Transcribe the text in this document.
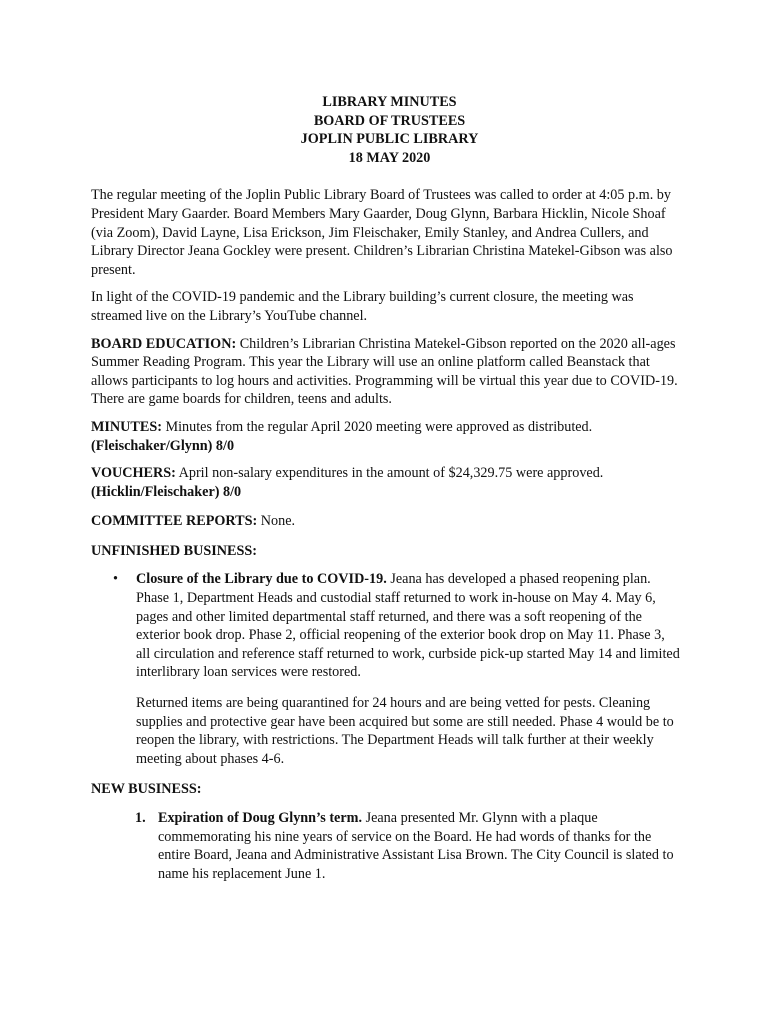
LIBRARY MINUTES
BOARD OF TRUSTEES
JOPLIN PUBLIC LIBRARY
18 MAY 2020

The regular meeting of the Joplin Public Library Board of Trustees was called to order at 4:05 p.m. by President Mary Gaarder. Board Members Mary Gaarder, Doug Glynn, Barbara Hicklin, Nicole Shoaf (via Zoom), David Layne, Lisa Erickson, Jim Fleischaker, Emily Stanley, and Andrea Cullers, and Library Director Jeana Gockley were present. Children’s Librarian Christina Matekel-Gibson was also present.

In light of the COVID-19 pandemic and the Library building’s current closure, the meeting was streamed live on the Library’s YouTube channel.

BOARD EDUCATION: Children’s Librarian Christina Matekel-Gibson reported on the 2020 all-ages Summer Reading Program. This year the Library will use an online platform called Beanstack that allows participants to log hours and activities. Programming will be virtual this year due to COVID-19. There are game boards for children, teens and adults.

MINUTES: Minutes from the regular April 2020 meeting were approved as distributed.
(Fleischaker/Glynn) 8/0

VOUCHERS: April non-salary expenditures in the amount of $24,329.75 were approved.
(Hicklin/Fleischaker) 8/0

COMMITTEE REPORTS: None.

UNFINISHED BUSINESS:
• Closure of the Library due to COVID-19. Jeana has developed a phased reopening plan. Phase 1, Department Heads and custodial staff returned to work in-house on May 4. May 6, pages and other limited departmental staff returned, and there was a soft reopening of the exterior book drop. Phase 2, official reopening of the exterior book drop on May 11. Phase 3, all circulation and reference staff returned to work, curbside pick-up started May 14 and limited interlibrary loan services were restored.

Returned items are being quarantined for 24 hours and are being vetted for pests. Cleaning supplies and protective gear have been acquired but some are still needed. Phase 4 would be to reopen the library, with restrictions. The Department Heads will talk further at their weekly meeting about phases 4-6.

NEW BUSINESS:
1. Expiration of Doug Glynn’s term. Jeana presented Mr. Glynn with a plaque commemorating his nine years of service on the Board. He had words of thanks for the entire Board, Jeana and Administrative Assistant Lisa Brown. The City Council is slated to name his replacement June 1.
